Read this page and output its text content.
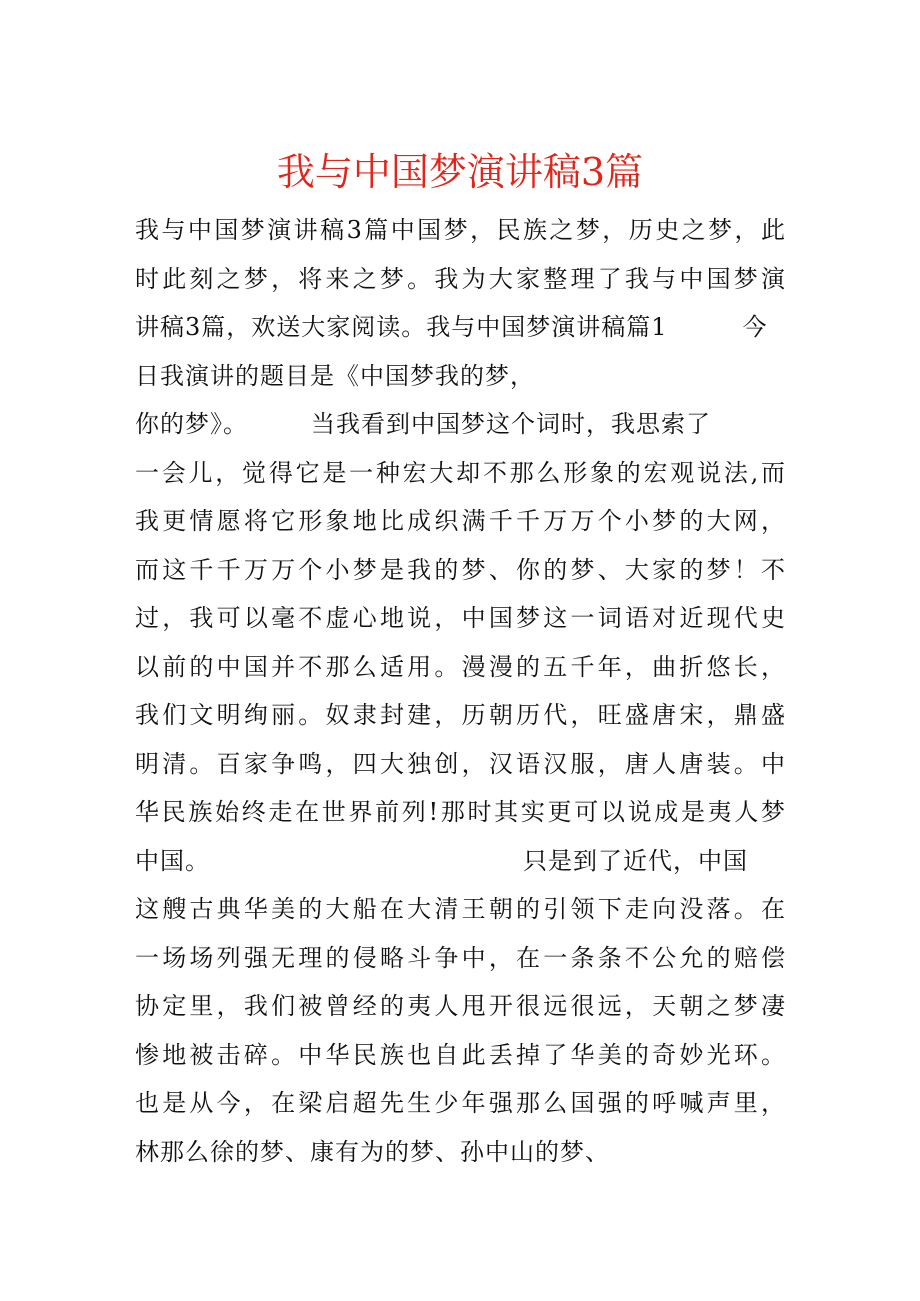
我与中国梦演讲稿3篇
我与中国梦演讲稿3篇中国梦，民族之梦，历史之梦，此
时此刻之梦，将来之梦。我为大家整理了我与中国梦演
讲稿3篇，欢送大家阅读。我与中国梦演讲稿篇1　　　今
日我演讲的题目是《中国梦我的梦，
你的梦》。　　　当我看到中国梦这个词时，我思索了
一会儿，觉得它是一种宏大却不那么形象的宏观说法,而
我更情愿将它形象地比成织满千千万万个小梦的大网，
而这千千万万个小梦是我的梦、你的梦、大家的梦！不
过，我可以毫不虚心地说，中国梦这一词语对近现代史
以前的中国并不那么适用。漫漫的五千年，曲折悠长，
我们文明绚丽。奴隶封建，历朝历代，旺盛唐宋，鼎盛
明清。百家争鸣，四大独创，汉语汉服，唐人唐装。中
华民族始终走在世界前列!那时其实更可以说成是夷人梦
中国。　　　　　　　　　　　　　只是到了近代，中国
这艘古典华美的大船在大清王朝的引领下走向没落。在
一场场列强无理的侵略斗争中，在一条条不公允的赔偿
协定里，我们被曾经的夷人甩开很远很远，天朝之梦凄
惨地被击碎。中华民族也自此丢掉了华美的奇妙光环。
也是从今，在梁启超先生少年强那么国强的呼喊声里，
林那么徐的梦、康有为的梦、孙中山的梦、
